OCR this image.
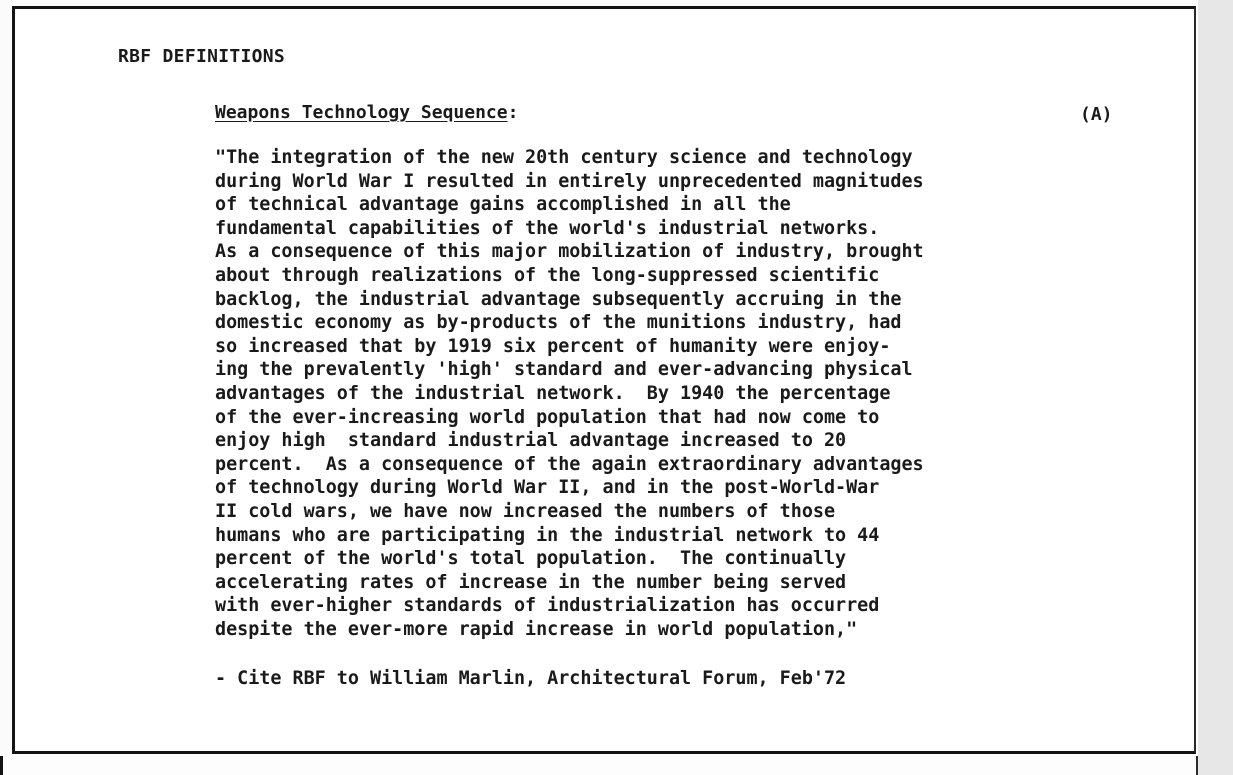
RBF DEFINITIONS
Weapons Technology Sequence:	(A)
"The integration of the new 20th century science and technology
during World War I resulted in entirely unprecedented magnitudes
of technical advantage gains accomplished in all the
fundamental capabilities of the world's industrial networks.
As a consequence of this major mobilization of industry, brought
about through realizations of the long-suppressed scientific
backlog, the industrial advantage subsequently accruing in the
domestic economy as by-products of the munitions industry, had
so increased that by 1919 six percent of humanity were enjoy-
ing the prevalently 'high' standard and ever-advancing physical
advantages of the industrial network.  By 1940 the percentage
of the ever-increasing world population that had now come to
enjoy high  standard industrial advantage increased to 20
percent.  As a consequence of the again extraordinary advantages
of technology during World War II, and in the post-World-War
II cold wars, we have now increased the numbers of those
humans who are participating in the industrial network to 44
percent of the world's total population.  The continually
accelerating rates of increase in the number being served
with ever-higher standards of industrialization has occurred
despite the ever-more rapid increase in world population,"
- Cite RBF to William Marlin, Architectural Forum, Feb'72
